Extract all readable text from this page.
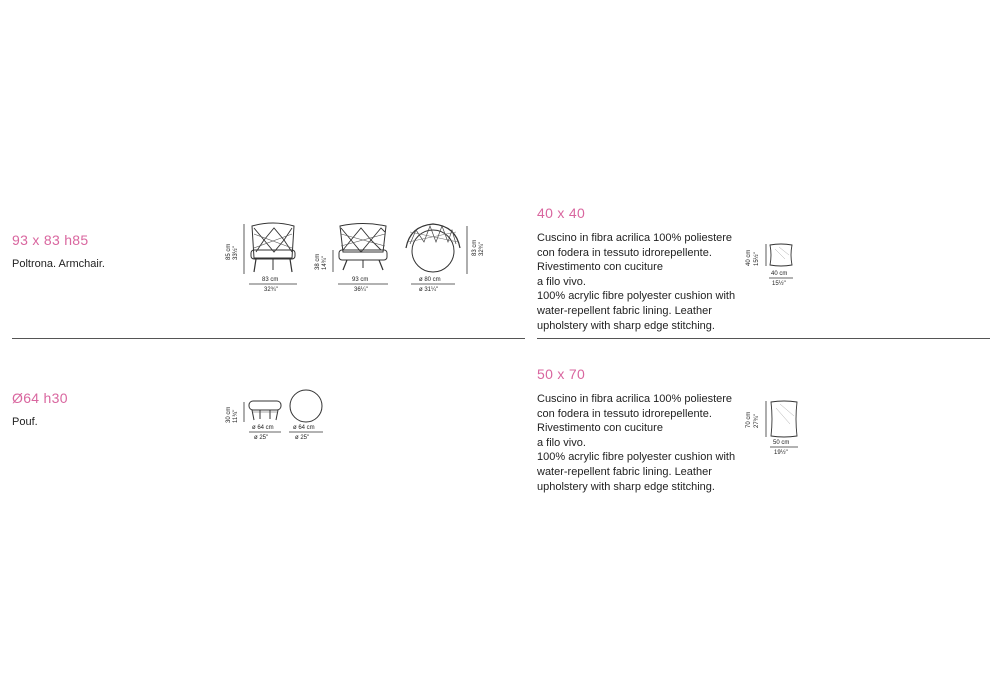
93 x 83 h85
Poltrona. Armchair.
85 cm 33½"
83 cm
32¾"
38 cm 14¾"
93 cm
36¼"
83 cm 32¾"
ø 80 cm
ø 31¼"
Ø64 h30
Pouf.	30 cm 11¾"
ø 64 cm
ø 25"
ø 64 cm
ø 25"
40 x 40
Cuscino in fibra acrilica 100% poliestere
con fodera in tessuto idrorepellente.
Rivestimento con cuciture
a filo vivo.
100% acrylic fibre polyester cushion with
water-repellent fabric lining. Leather
upholstery with sharp edge stitching.
40 cm 15½"
40 cm
15½"
50 x 70
Cuscino in fibra acrilica 100% poliestere
con fodera in tessuto idrorepellente.
Rivestimento con cuciture
a filo vivo.
100% acrylic fibre polyester cushion with
water-repellent fabric lining. Leather
upholstery with sharp edge stitching.
70 cm 27¾"
50 cm
19½"
